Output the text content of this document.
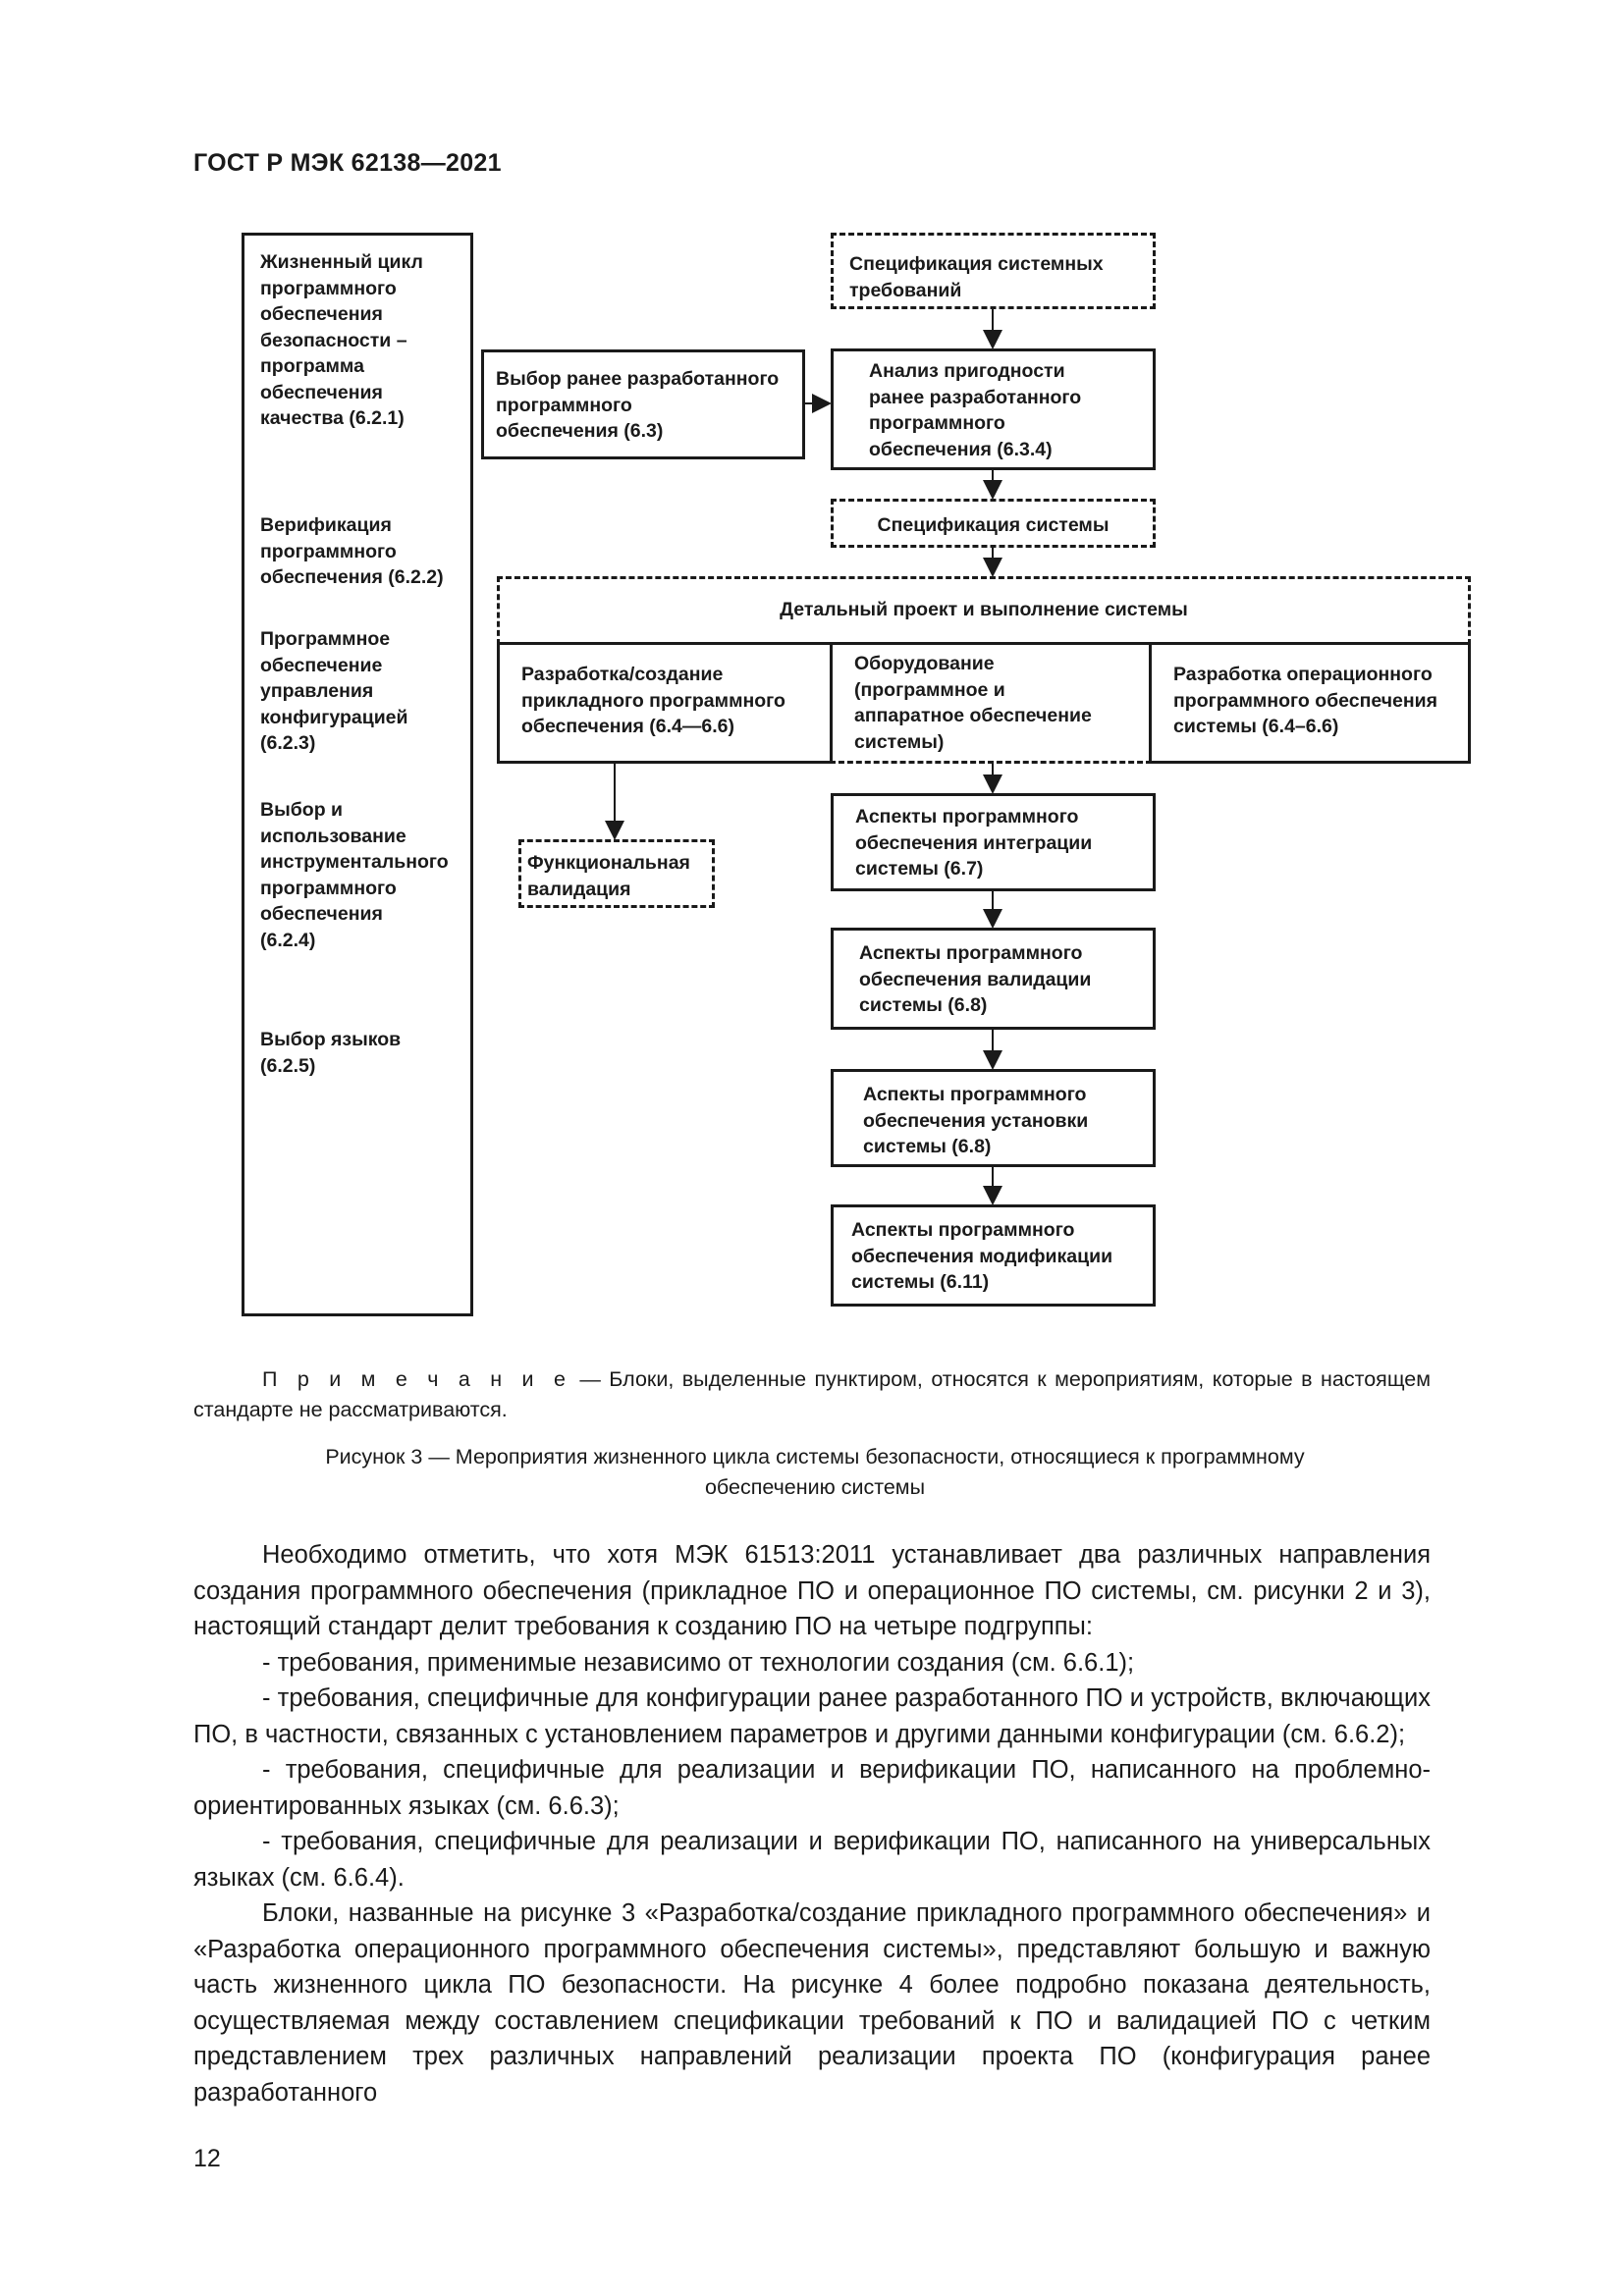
ГОСТ Р МЭК 62138—2021
Жизненный цикл
программного
обеспечения
безопасности –
программа
обеспечения
качества (6.2.1)
Верификация
программного
обеспечения (6.2.2)
Программное
обеспечение
управления
конфигурацией
(6.2.3)
Выбор и
использование
инструментального
программного
обеспечения
(6.2.4)
Выбор языков
(6.2.5)
Спецификация системных
требований
Выбор ранее разработанного
программного
обеспечения (6.3)
Анализ пригодности
ранее разработанного
программного
обеспечения (6.3.4)
Спецификация системы
Детальный проект и выполнение системы
Разработка/создание
прикладного программного
обеспечения (6.4—6.6)
Оборудование
(программное и
аппаратное обеспечение
системы)
Разработка операционного
программного обеспечения
системы (6.4–6.6)
Функциональная
валидация
Аспекты программного
обеспечения интеграции
системы (6.7)
Аспекты программного
обеспечения валидации
системы (6.8)
Аспекты программного
обеспечения установки
системы (6.8)
Аспекты программного
обеспечения модификации
системы (6.11)
П р и м е ч а н и е — Блоки, выделенные пунктиром, относятся к мероприятиям, которые в настоящем стандарте не рассматриваются.
Рисунок 3 — Мероприятия жизненного цикла системы безопасности, относящиеся к программному обеспечению системы

Необходимо отметить, что хотя МЭК 61513:2011 устанавливает два различных направления создания программного обеспечения (прикладное ПО и операционное ПО системы, см. рисунки 2 и 3), настоящий стандарт делит требования к созданию ПО на четыре подгруппы:

- требования, применимые независимо от технологии создания (см. 6.6.1);

- требования, специфичные для конфигурации ранее разработанного ПО и устройств, включающих ПО, в частности, связанных с установлением параметров и другими данными конфигурации (см. 6.6.2);

- требования, специфичные для реализации и верификации ПО, написанного на проблемно-ориентированных языках (см. 6.6.3);

- требования, специфичные для реализации и верификации ПО, написанного на универсальных языках (см. 6.6.4).

Блоки, названные на рисунке 3 «Разработка/создание прикладного программного обеспечения» и «Разработка операционного программного обеспечения системы», представляют большую и важную часть жизненного цикла ПО безопасности. На рисунке 4 более подробно показана деятельность, осуществляемая между составлением спецификации требований к ПО и валидацией ПО с четким представлением трех различных направлений реализации проекта ПО (конфигурация ранее разработанного

12
